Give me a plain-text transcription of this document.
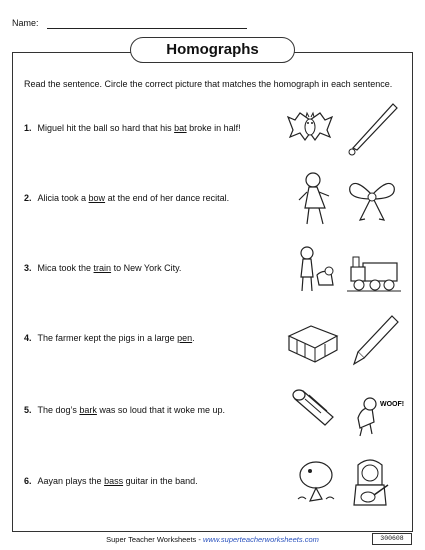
Name:
Homographs
Read the sentence. Circle the correct picture that matches the homograph in each sentence.
1. Miguel hit the ball so hard that his bat broke in half!
2. Alicia took a bow at the end of her dance recital.
3. Mica took the train to New York City.
4. The farmer kept the pigs in a large pen.
5. The dog’s bark was so loud that it woke me up.
WOOF!
6. Aayan plays the bass guitar in the band.
Super Teacher Worksheets - www.superteacherworksheets.com	300608
